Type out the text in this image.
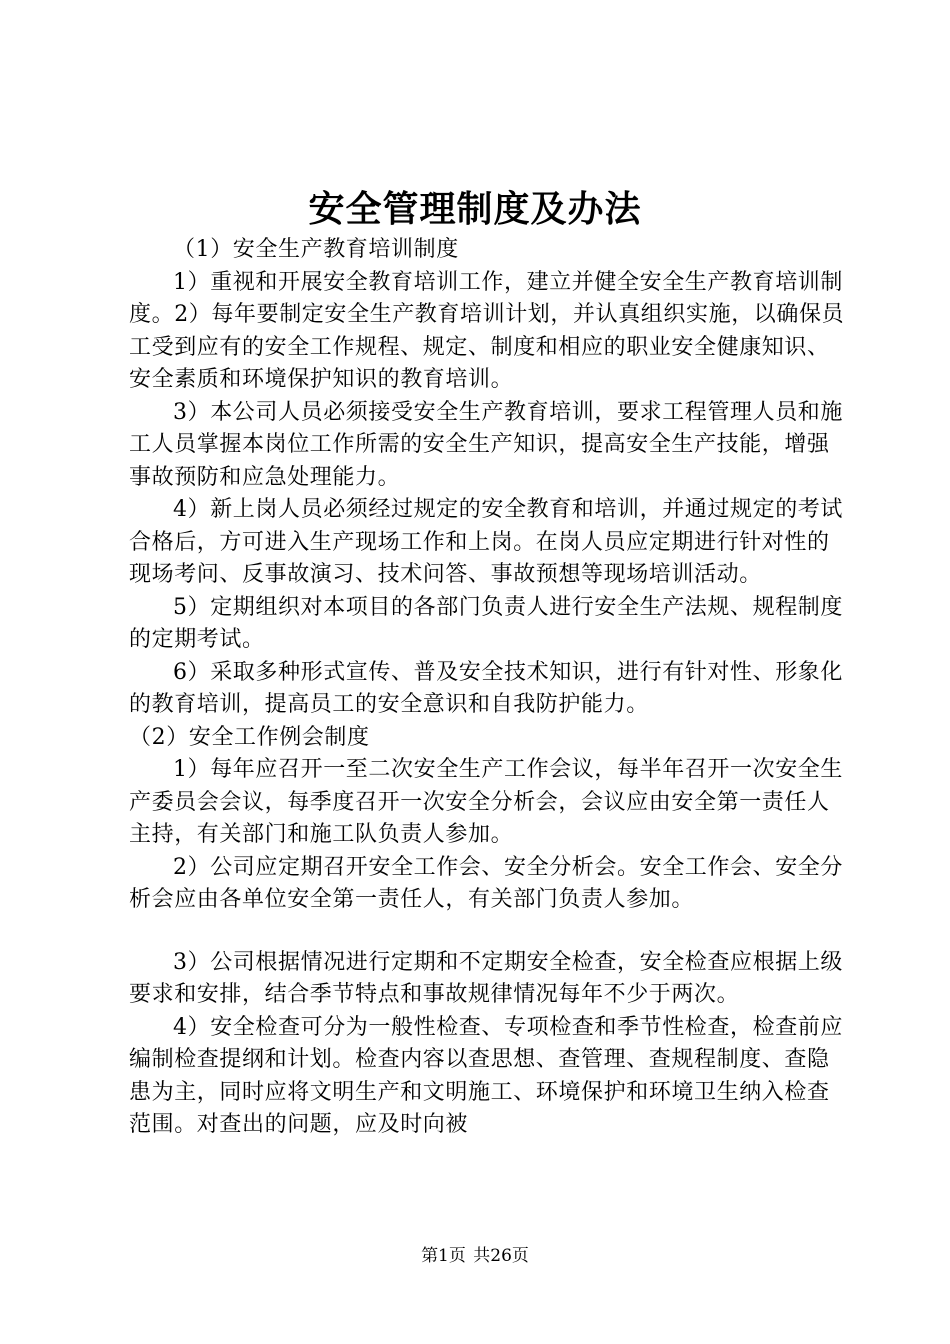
安全管理制度及办法

（1）安全生产教育培训制度

1）重视和开展安全教育培训工作，建立并健全安全生产教育培训制度。2）每年要制定安全生产教育培训计划，并认真组织实施，以确保员工受到应有的安全工作规程、规定、制度和相应的职业安全健康知识、安全素质和环境保护知识的教育培训。

3）本公司人员必须接受安全生产教育培训，要求工程管理人员和施工人员掌握本岗位工作所需的安全生产知识，提高安全生产技能，增强事故预防和应急处理能力。

4）新上岗人员必须经过规定的安全教育和培训，并通过规定的考试合格后，方可进入生产现场工作和上岗。在岗人员应定期进行针对性的现场考问、反事故演习、技术问答、事故预想等现场培训活动。

5）定期组织对本项目的各部门负责人进行安全生产法规、规程制度的定期考试。

6）采取多种形式宣传、普及安全技术知识，进行有针对性、形象化的教育培训，提高员工的安全意识和自我防护能力。

（2）安全工作例会制度

1）每年应召开一至二次安全生产工作会议，每半年召开一次安全生产委员会会议，每季度召开一次安全分析会，会议应由安全第一责任人主持，有关部门和施工队负责人参加。

2）公司应定期召开安全工作会、安全分析会。安全工作会、安全分析会应由各单位安全第一责任人，有关部门负责人参加。

3）公司根据情况进行定期和不定期安全检查，安全检查应根据上级要求和安排，结合季节特点和事故规律情况每年不少于两次。

4）安全检查可分为一般性检查、专项检查和季节性检查，检查前应编制检查提纲和计划。检查内容以查思想、查管理、查规程制度、查隐患为主，同时应将文明生产和文明施工、环境保护和环境卫生纳入检查范围。对查出的问题，应及时向被

第1页 共26页
